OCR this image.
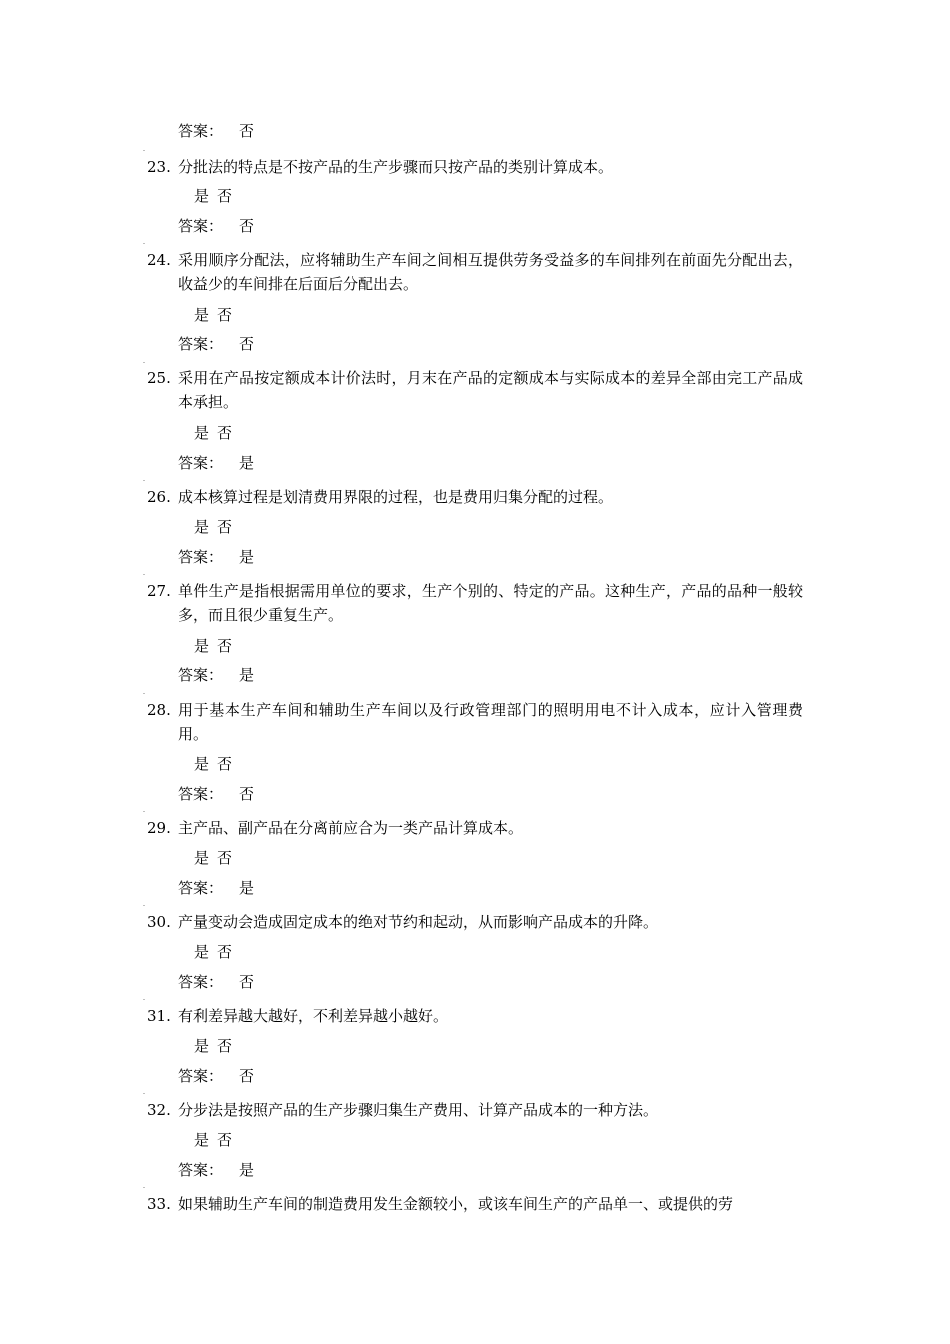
答案： 否
23. 分批法的特点是不按产品的生产步骤而只按产品的类别计算成本。
是 否
答案： 否
24. 采用顺序分配法，应将辅助生产车间之间相互提供劳务受益多的车间排列在前面先分配出去，收益少的车间排在后面后分配出去。
是 否
答案： 否
25. 采用在产品按定额成本计价法时，月末在产品的定额成本与实际成本的差异全部由完工产品成本承担。
是 否
答案： 是
26. 成本核算过程是划清费用界限的过程，也是费用归集分配的过程。
是 否
答案： 是
27. 单件生产是指根据需用单位的要求，生产个别的、特定的产品。这种生产，产品的品种一般较多，而且很少重复生产。
是 否
答案： 是
28. 用于基本生产车间和辅助生产车间以及行政管理部门的照明用电不计入成本，应计入管理费用。
是 否
答案： 否
29. 主产品、副产品在分离前应合为一类产品计算成本。
是 否
答案： 是
30. 产量变动会造成固定成本的绝对节约和起动，从而影响产品成本的升降。
是 否
答案： 否
31. 有利差异越大越好，不利差异越小越好。
是 否
答案： 否
32. 分步法是按照产品的生产步骤归集生产费用、计算产品成本的一种方法。
是 否
答案： 是
33. 如果辅助生产车间的制造费用发生金额较小，或该车间生产的产品单一、或提供的劳
